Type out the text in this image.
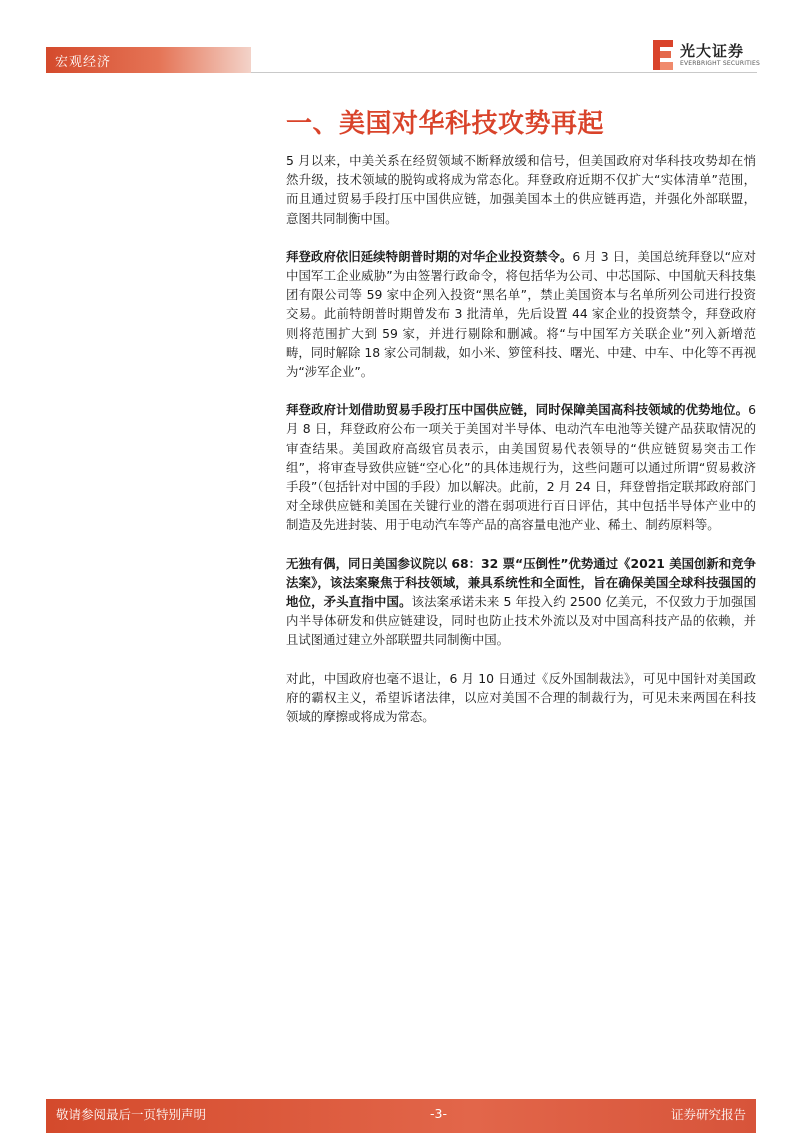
宏观经济
光大证券
EVERBRIGHT SECURITIES
一、美国对华科技攻势再起

5 月以来，中美关系在经贸领域不断释放缓和信号，但美国政府对华科技攻势却在悄然升级，技术领域的脱钩或将成为常态化。拜登政府近期不仅扩大“实体清单”范围，而且通过贸易手段打压中国供应链，加强美国本土的供应链再造，并强化外部联盟，意图共同制衡中国。

拜登政府依旧延续特朗普时期的对华企业投资禁令。6 月 3 日，美国总统拜登以“应对中国军工企业威胁”为由签署行政命令，将包括华为公司、中芯国际、中国航天科技集团有限公司等 59 家中企列入投资“黑名单”，禁止美国资本与名单所列公司进行投资交易。此前特朗普时期曾发布 3 批清单，先后设置 44 家企业的投资禁令，拜登政府则将范围扩大到 59 家，并进行剔除和删减。将“与中国军方关联企业”列入新增范畴，同时解除 18 家公司制裁，如小米、箩筐科技、曙光、中建、中车、中化等不再视为“涉军企业”。

拜登政府计划借助贸易手段打压中国供应链，同时保障美国高科技领域的优势地位。6 月 8 日，拜登政府公布一项关于美国对半导体、电动汽车电池等关键产品获取情况的审查结果。美国政府高级官员表示，由美国贸易代表领导的“供应链贸易突击工作组”，将审查导致供应链“空心化”的具体违规行为，这些问题可以通过所谓“贸易救济手段”（包括针对中国的手段）加以解决。此前，2 月 24 日，拜登曾指定联邦政府部门对全球供应链和美国在关键行业的潜在弱项进行百日评估，其中包括半导体产业中的制造及先进封装、用于电动汽车等产品的高容量电池产业、稀土、制药原料等。

无独有偶，同日美国参议院以 68：32 票“压倒性”优势通过《2021 美国创新和竞争法案》，该法案聚焦于科技领域，兼具系统性和全面性，旨在确保美国全球科技强国的地位，矛头直指中国。该法案承诺未来 5 年投入约 2500 亿美元，不仅致力于加强国内半导体研发和供应链建设，同时也防止技术外流以及对中国高科技产品的依赖，并且试图通过建立外部联盟共同制衡中国。

对此，中国政府也毫不退让，6 月 10 日通过《反外国制裁法》，可见中国针对美国政府的霸权主义，希望诉诸法律，以应对美国不合理的制裁行为，可见未来两国在科技领域的摩擦或将成为常态。

敬请参阅最后一页特别声明	-3-	证券研究报告
